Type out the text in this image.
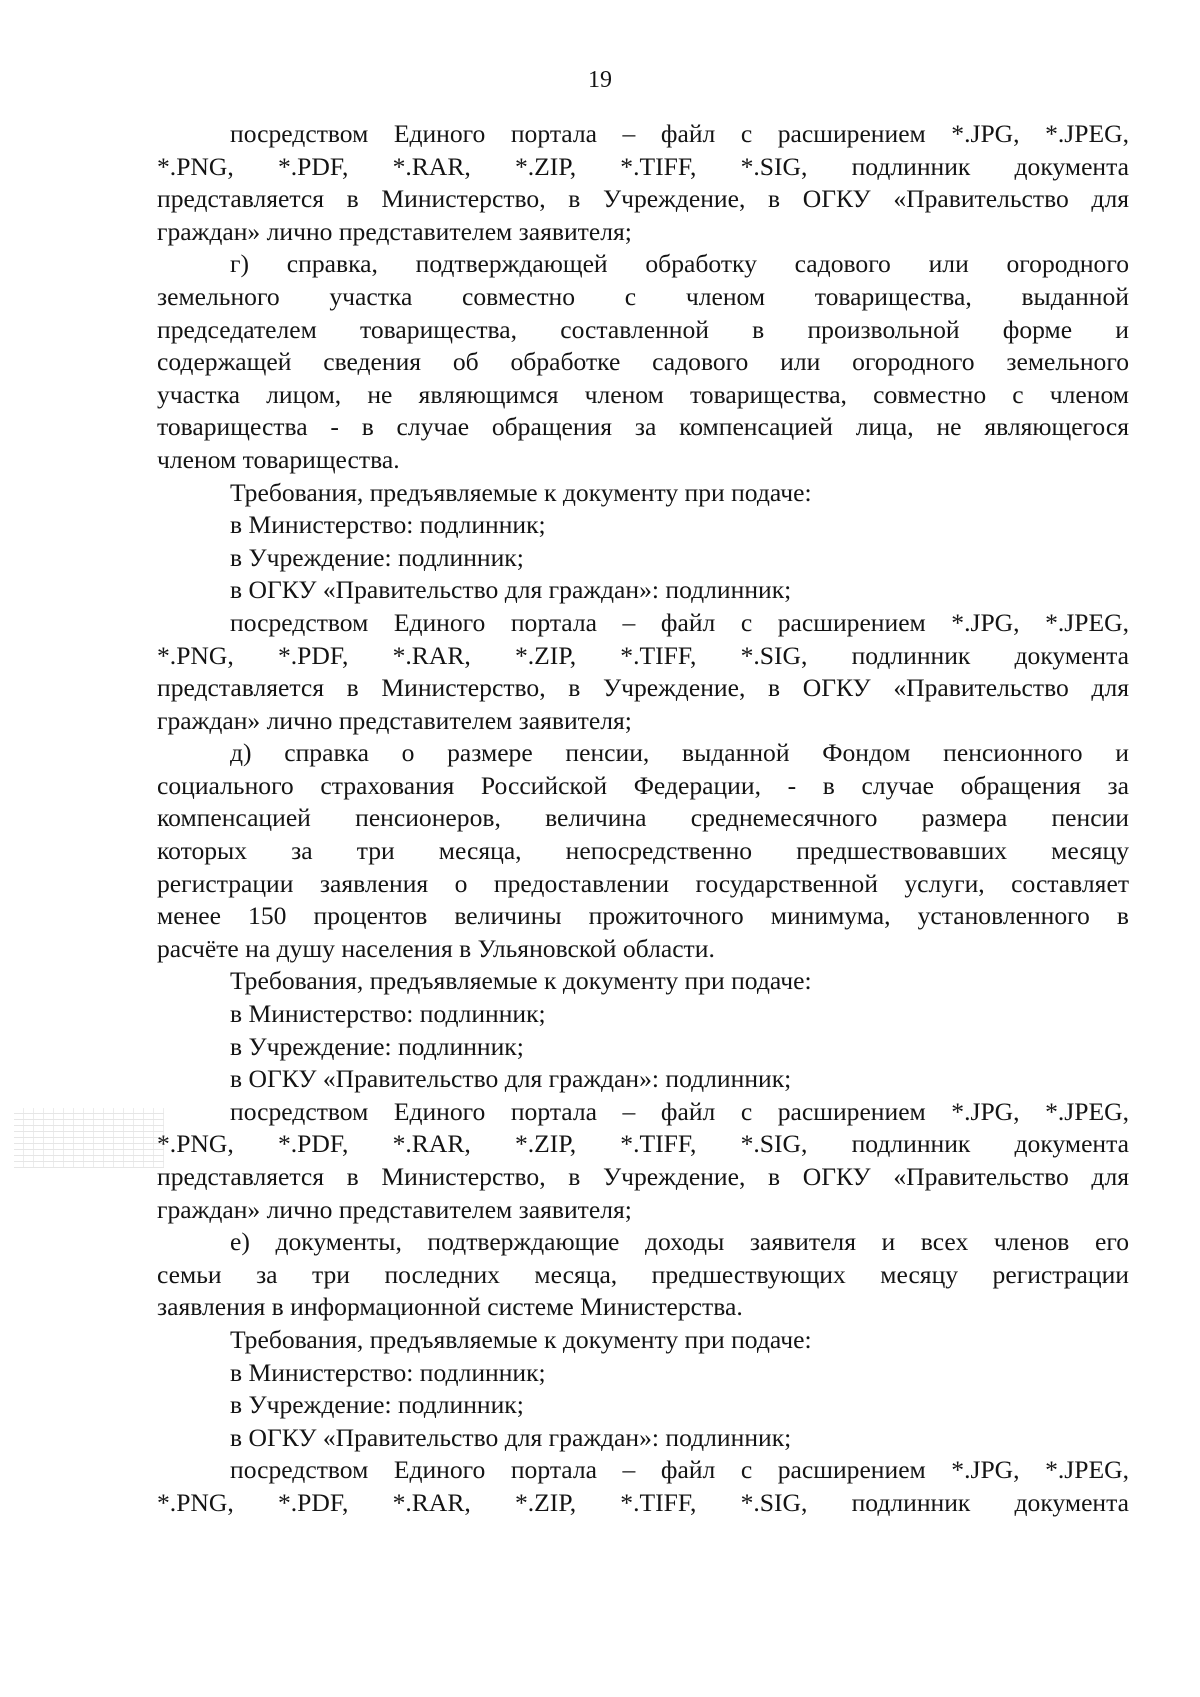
19
посредством Единого портала – файл с расширением *.JPG, *.JPEG,
*.PNG, *.PDF, *.RAR, *.ZIP, *.TIFF, *.SIG, подлинник документа
представляется в Министерство, в Учреждение, в ОГКУ «Правительство для
граждан» лично представителем заявителя;
г) справка, подтверждающей обработку садового или огородного
земельного участка совместно с членом товарищества, выданной
председателем товарищества, составленной в произвольной форме и
содержащей сведения об обработке садового или огородного земельного
участка лицом, не являющимся членом товарищества, совместно с членом
товарищества - в случае обращения за компенсацией лица, не являющегося
членом товарищества.
Требования, предъявляемые к документу при подаче:
в Министерство: подлинник;
в Учреждение: подлинник;
в ОГКУ «Правительство для граждан»: подлинник;
посредством Единого портала – файл с расширением *.JPG, *.JPEG,
*.PNG, *.PDF, *.RAR, *.ZIP, *.TIFF, *.SIG, подлинник документа
представляется в Министерство, в Учреждение, в ОГКУ «Правительство для
граждан» лично представителем заявителя;
д) справка о размере пенсии, выданной Фондом пенсионного и
социального страхования Российской Федерации, - в случае обращения за
компенсацией пенсионеров, величина среднемесячного размера пенсии
которых за три месяца, непосредственно предшествовавших месяцу
регистрации заявления о предоставлении государственной услуги, составляет
менее 150 процентов величины прожиточного минимума, установленного в
расчёте на душу населения в Ульяновской области.
Требования, предъявляемые к документу при подаче:
в Министерство: подлинник;
в Учреждение: подлинник;
в ОГКУ «Правительство для граждан»: подлинник;
посредством Единого портала – файл с расширением *.JPG, *.JPEG,
*.PNG, *.PDF, *.RAR, *.ZIP, *.TIFF, *.SIG, подлинник документа
представляется в Министерство, в Учреждение, в ОГКУ «Правительство для
граждан» лично представителем заявителя;
е) документы, подтверждающие доходы заявителя и всех членов его
семьи за три последних месяца, предшествующих месяцу регистрации
заявления в информационной системе Министерства.
Требования, предъявляемые к документу при подаче:
в Министерство: подлинник;
в Учреждение: подлинник;
в ОГКУ «Правительство для граждан»: подлинник;
посредством Единого портала – файл с расширением *.JPG, *.JPEG,
*.PNG, *.PDF, *.RAR, *.ZIP, *.TIFF, *.SIG, подлинник документа
